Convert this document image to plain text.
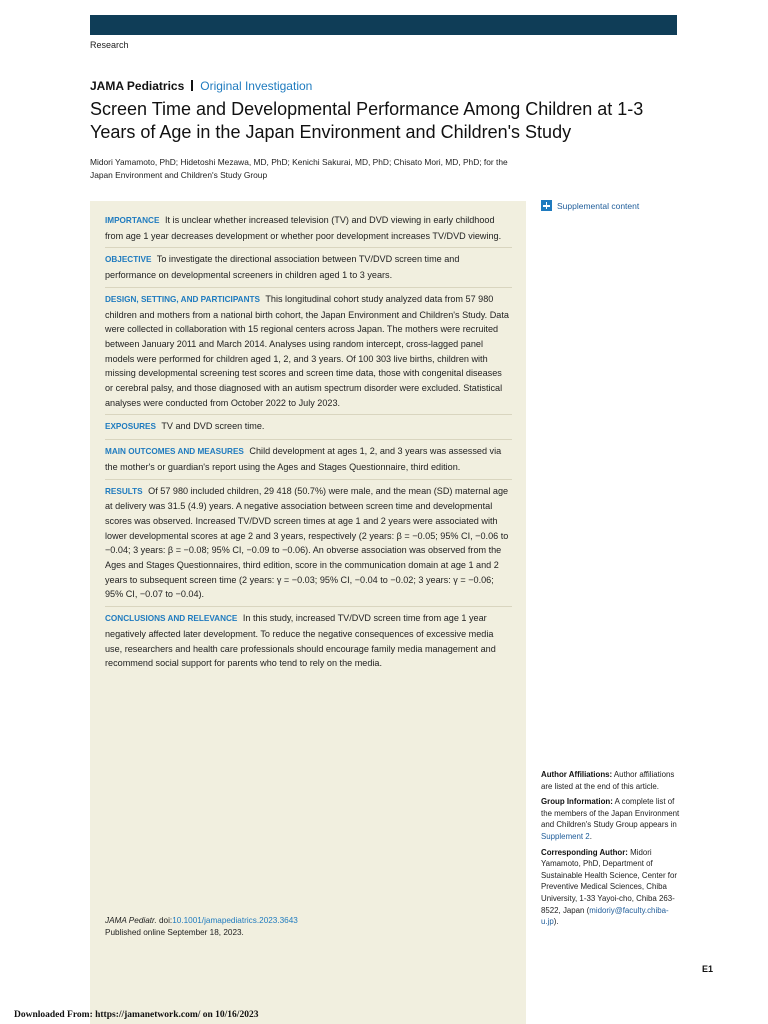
Research
JAMA Pediatrics Original Investigation
Screen Time and Developmental Performance Among Children at 1-3 Years of Age in the Japan Environment and Children's Study
Midori Yamamoto, PhD; Hidetoshi Mezawa, MD, PhD; Kenichi Sakurai, MD, PhD; Chisato Mori, MD, PhD; for the Japan Environment and Children's Study Group
Supplemental content
IMPORTANCE It is unclear whether increased television (TV) and DVD viewing in early childhood from age 1 year decreases development or whether poor development increases TV/DVD viewing.
OBJECTIVE To investigate the directional association between TV/DVD screen time and performance on developmental screeners in children aged 1 to 3 years.
DESIGN, SETTING, AND PARTICIPANTS This longitudinal cohort study analyzed data from 57 980 children and mothers from a national birth cohort, the Japan Environment and Children's Study. Data were collected in collaboration with 15 regional centers across Japan. The mothers were recruited between January 2011 and March 2014. Analyses using random intercept, cross-lagged panel models were performed for children aged 1, 2, and 3 years. Of 100 303 live births, children with missing developmental screening test scores and screen time data, those with congenital diseases or cerebral palsy, and those diagnosed with an autism spectrum disorder were excluded. Statistical analyses were conducted from October 2022 to July 2023.
EXPOSURES TV and DVD screen time.
MAIN OUTCOMES AND MEASURES Child development at ages 1, 2, and 3 years was assessed via the mother's or guardian's report using the Ages and Stages Questionnaire, third edition.
RESULTS Of 57 980 included children, 29 418 (50.7%) were male, and the mean (SD) maternal age at delivery was 31.5 (4.9) years. A negative association between screen time and developmental scores was observed. Increased TV/DVD screen times at age 1 and 2 years were associated with lower developmental scores at age 2 and 3 years, respectively (2 years: β = −0.05; 95% CI, −0.06 to −0.04; 3 years: β = −0.08; 95% CI, −0.09 to −0.06). An obverse association was observed from the Ages and Stages Questionnaires, third edition, score in the communication domain at age 1 and 2 years to subsequent screen time (2 years: γ = −0.03; 95% CI, −0.04 to −0.02; 3 years: γ = −0.06; 95% CI, −0.07 to −0.04).
CONCLUSIONS AND RELEVANCE In this study, increased TV/DVD screen time from age 1 year negatively affected later development. To reduce the negative consequences of excessive media use, researchers and health care professionals should encourage family media management and recommend social support for parents who tend to rely on the media.
JAMA Pediatr. doi:10.1001/jamapediatrics.2023.3643
Published online September 18, 2023.
Author Affiliations: Author affiliations are listed at the end of this article.
Group Information: A complete list of the members of the Japan Environment and Children's Study Group appears in Supplement 2.
Corresponding Author: Midori Yamamoto, PhD, Department of Sustainable Health Science, Center for Preventive Medical Sciences, Chiba University, 1-33 Yayoi-cho, Chiba 263-8522, Japan (midoriy@faculty.chiba-u.jp).
E1
Downloaded From: https://jamanetwork.com/ on 10/16/2023
